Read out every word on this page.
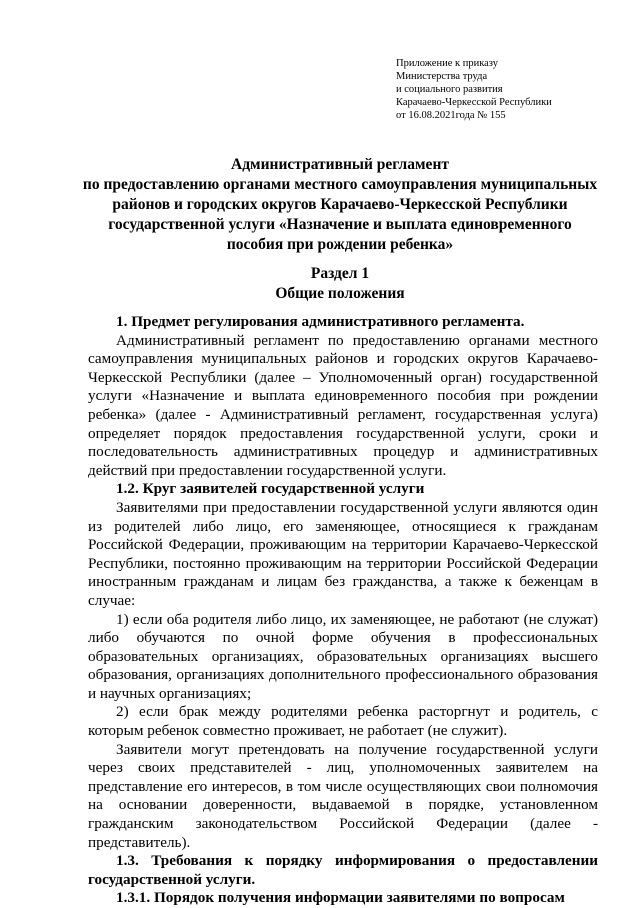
Приложение к приказу
Министерства труда
и социального развития
Карачаево-Черкесской Республики
от 16.08.2021года № 155
Административный регламент
по предоставлению органами местного самоуправления муниципальных
районов и городских округов Карачаево-Черкесской Республики
государственной услуги «Назначение и выплата единовременного
пособия при рождении ребенка»
Раздел 1
Общие положения

1. Предмет регулирования административного регламента.

Административный регламент по предоставлению органами местного самоуправления муниципальных районов и городских округов Карачаево-Черкесской Республики (далее – Уполномоченный орган) государственной услуги «Назначение и выплата единовременного пособия при рождении ребенка» (далее - Административный регламент, государственная услуга) определяет порядок предоставления государственной услуги, сроки и последовательность административных процедур и административных действий при предоставлении государственной услуги.

1.2. Круг заявителей государственной услуги

Заявителями при предоставлении государственной услуги являются один из родителей либо лицо, его заменяющее, относящиеся к гражданам Российской Федерации, проживающим на территории Карачаево-Черкесской Республики, постоянно проживающим на территории Российской Федерации иностранным гражданам и лицам без гражданства, а также к беженцам в случае:

1) если оба родителя либо лицо, их заменяющее, не работают (не служат) либо обучаются по очной форме обучения в профессиональных образовательных организациях, образовательных организациях высшего образования, организациях дополнительного профессионального образования и научных организациях;

2) если брак между родителями ребенка расторгнут и родитель, с которым ребенок совместно проживает, не работает (не служит).

Заявители могут претендовать на получение государственной услуги через своих представителей - лиц, уполномоченных заявителем на представление его интересов, в том числе осуществляющих свои полномочия на основании доверенности, выдаваемой в порядке, установленном гражданским законодательством Российской Федерации (далее - представитель).

1.3. Требования к порядку информирования о предоставлении государственной услуги.

1.3.1. Порядок получения информации заявителями по вопросам
